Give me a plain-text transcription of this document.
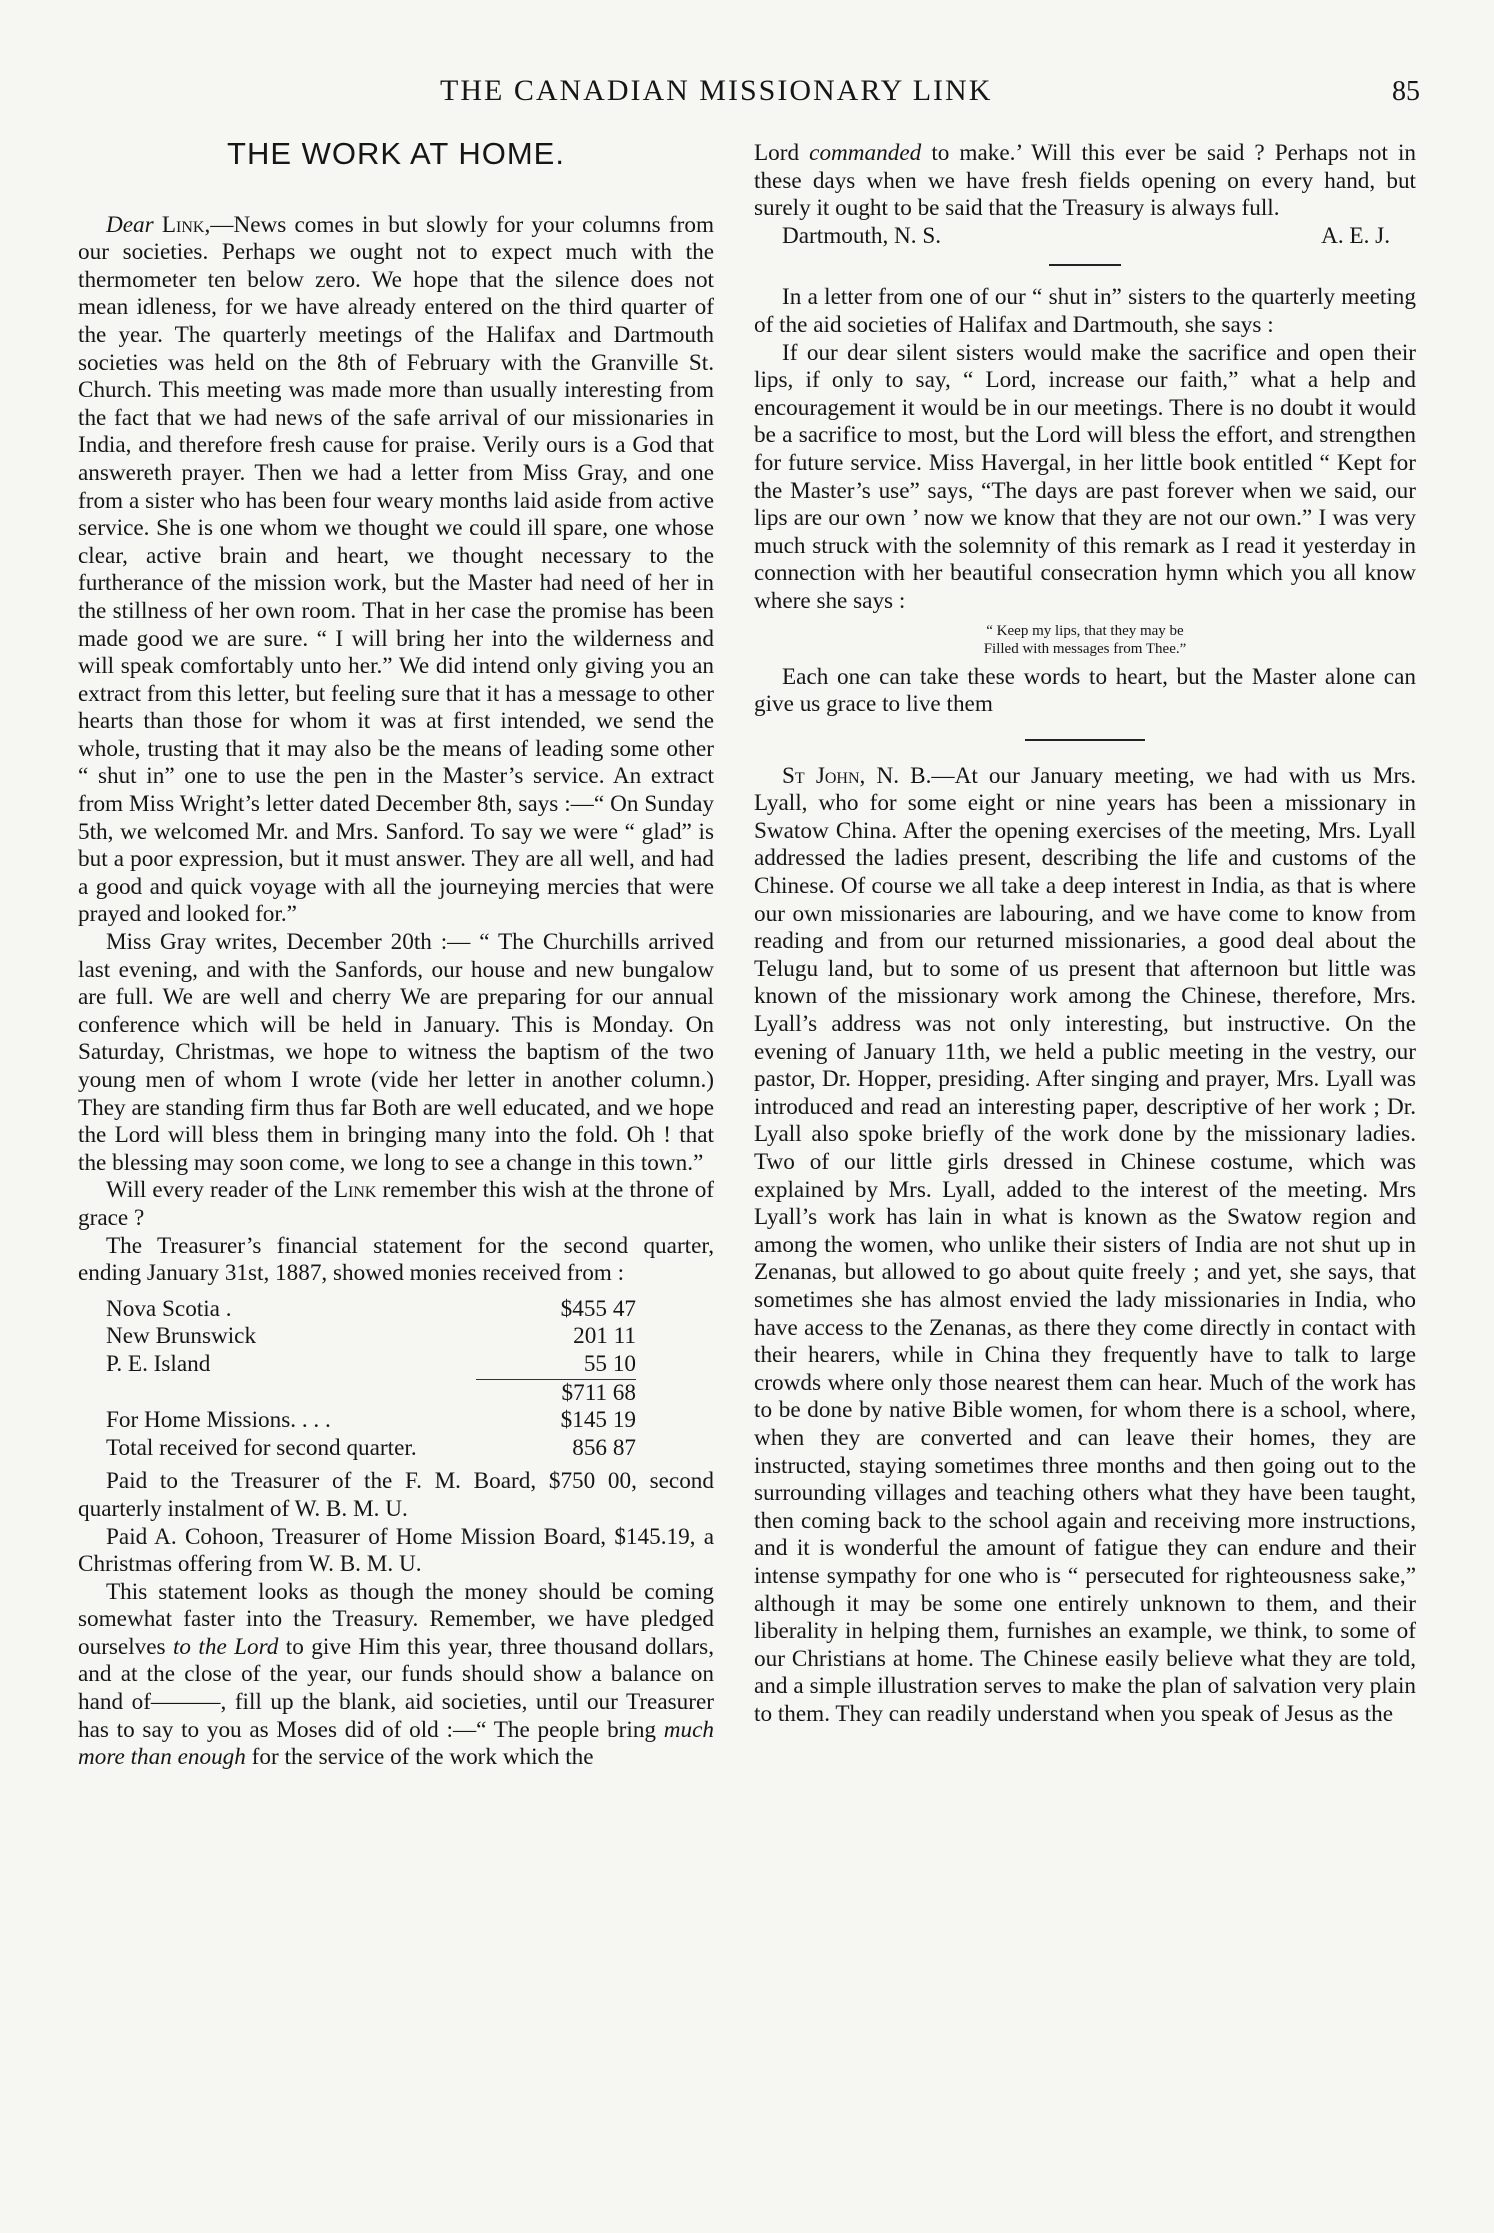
THE CANADIAN MISSIONARY LINK	85
THE WORK AT HOME.

Dear Link,—News comes in but slowly for your columns from our societies. Perhaps we ought not to expect much with the thermometer ten below zero. We hope that the silence does not mean idleness, for we have already entered on the third quarter of the year. The quarterly meetings of the Halifax and Dartmouth societies was held on the 8th of February with the Granville St. Church. This meeting was made more than usually interesting from the fact that we had news of the safe arrival of our missionaries in India, and therefore fresh cause for praise. Verily ours is a God that answereth prayer. Then we had a letter from Miss Gray, and one from a sister who has been four weary months laid aside from active service. She is one whom we thought we could ill spare, one whose clear, active brain and heart, we thought necessary to the furtherance of the mission work, but the Master had need of her in the stillness of her own room. That in her case the promise has been made good we are sure. “ I will bring her into the wilderness and will speak comfortably unto her.” We did intend only giving you an extract from this letter, but feeling sure that it has a message to other hearts than those for whom it was at first intended, we send the whole, trusting that it may also be the means of leading some other “ shut in” one to use the pen in the Master’s service. An extract from Miss Wright’s letter dated December 8th, says :—“ On Sunday 5th, we welcomed Mr. and Mrs. Sanford. To say we were “ glad” is but a poor expression, but it must answer. They are all well, and had a good and quick voyage with all the journeying mercies that were prayed and looked for.”

Miss Gray writes, December 20th :— “ The Churchills arrived last evening, and with the Sanfords, our house and new bungalow are full. We are well and cherry We are preparing for our annual conference which will be held in January. This is Monday. On Saturday, Christmas, we hope to witness the baptism of the two young men of whom I wrote (vide her letter in another column.) They are standing firm thus far Both are well educated, and we hope the Lord will bless them in bringing many into the fold. Oh ! that the blessing may soon come, we long to see a change in this town.”

Will every reader of the Link remember this wish at the throne of grace ?

The Treasurer’s financial statement for the second quarter, ending January 31st, 1887, showed monies received from :

Nova Scotia .	$455 47
New Brunswick	201 11
P. E. Island	55 10
	$711 68
For Home Missions. . . .	$145 19
Total received for second quarter.	856 87

Paid to the Treasurer of the F. M. Board, $750 00, second quarterly instalment of W. B. M. U.

Paid A. Cohoon, Treasurer of Home Mission Board, $145.19, a Christmas offering from W. B. M. U.

This statement looks as though the money should be coming somewhat faster into the Treasury. Remember, we have pledged ourselves to the Lord to give Him this year, three thousand dollars, and at the close of the year, our funds should show a balance on hand of———, fill up the blank, aid societies, until our Treasurer has to say to you as Moses did of old :—“ The people bring much more than enough for the service of the work which the

Lord commanded to make.’ Will this ever be said ? Perhaps not in these days when we have fresh fields opening on every hand, but surely it ought to be said that the Treasury is always full.

Dartmouth, N. S.	A. E. J.

In a letter from one of our “ shut in” sisters to the quarterly meeting of the aid societies of Halifax and Dartmouth, she says :

If our dear silent sisters would make the sacrifice and open their lips, if only to say, “ Lord, increase our faith,” what a help and encouragement it would be in our meetings. There is no doubt it would be a sacrifice to most, but the Lord will bless the effort, and strengthen for future service. Miss Havergal, in her little book entitled “ Kept for the Master’s use” says, “The days are past forever when we said, our lips are our own ’ now we know that they are not our own.” I was very much struck with the solemnity of this remark as I read it yesterday in connection with her beautiful consecration hymn which you all know where she says :

“ Keep my lips, that they may be
Filled with messages from Thee.”

Each one can take these words to heart, but the Master alone can give us grace to live them

St John, N. B.—At our January meeting, we had with us Mrs. Lyall, who for some eight or nine years has been a missionary in Swatow China. After the opening exercises of the meeting, Mrs. Lyall addressed the ladies present, describing the life and customs of the Chinese. Of course we all take a deep interest in India, as that is where our own missionaries are labouring, and we have come to know from reading and from our returned missionaries, a good deal about the Telugu land, but to some of us present that afternoon but little was known of the missionary work among the Chinese, therefore, Mrs. Lyall’s address was not only interesting, but instructive. On the evening of January 11th, we held a public meeting in the vestry, our pastor, Dr. Hopper, presiding. After singing and prayer, Mrs. Lyall was introduced and read an interesting paper, descriptive of her work ; Dr. Lyall also spoke briefly of the work done by the missionary ladies. Two of our little girls dressed in Chinese costume, which was explained by Mrs. Lyall, added to the interest of the meeting. Mrs Lyall’s work has lain in what is known as the Swatow region and among the women, who unlike their sisters of India are not shut up in Zenanas, but allowed to go about quite freely ; and yet, she says, that sometimes she has almost envied the lady missionaries in India, who have access to the Zenanas, as there they come directly in contact with their hearers, while in China they frequently have to talk to large crowds where only those nearest them can hear. Much of the work has to be done by native Bible women, for whom there is a school, where, when they are converted and can leave their homes, they are instructed, staying sometimes three months and then going out to the surrounding villages and teaching others what they have been taught, then coming back to the school again and receiving more instructions, and it is wonderful the amount of fatigue they can endure and their intense sympathy for one who is “ persecuted for righteousness sake,” although it may be some one entirely unknown to them, and their liberality in helping them, furnishes an example, we think, to some of our Christians at home. The Chinese easily believe what they are told, and a simple illustration serves to make the plan of salvation very plain to them. They can readily understand when you speak of Jesus as the
